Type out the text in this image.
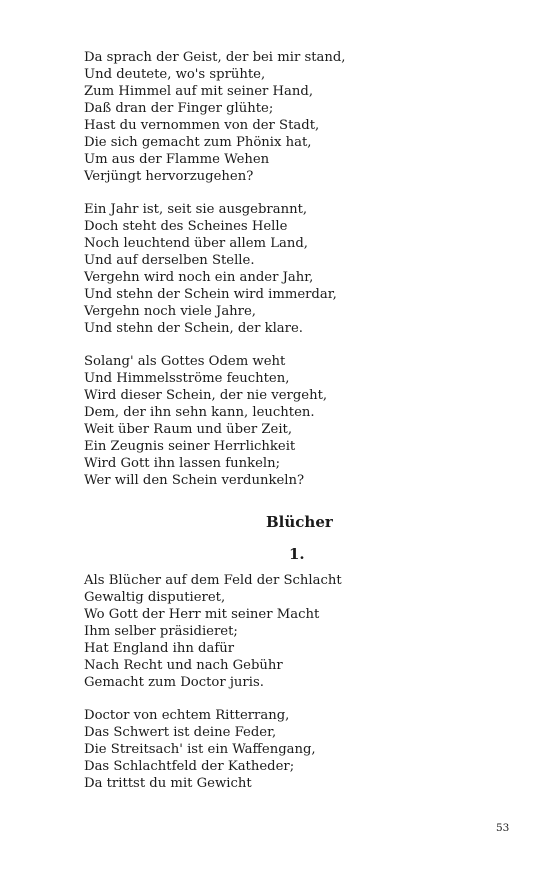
Da sprach der Geist, der bei mir stand,
Und deutete, wo's sprühte,
Zum Himmel auf mit seiner Hand,
Daß dran der Finger glühte;
Hast du vernommen von der Stadt,
Die sich gemacht zum Phönix hat,
Um aus der Flamme Wehen
Verjüngt hervorzugehen?
Ein Jahr ist, seit sie ausgebrannt,
Doch steht des Scheines Helle
Noch leuchtend über allem Land,
Und auf derselben Stelle.
Vergehn wird noch ein ander Jahr,
Und stehn der Schein wird immerdar,
Vergehn noch viele Jahre,
Und stehn der Schein, der klare.
Solang' als Gottes Odem weht
Und Himmelsströme feuchten,
Wird dieser Schein, der nie vergeht,
Dem, der ihn sehn kann, leuchten.
Weit über Raum und über Zeit,
Ein Zeugnis seiner Herrlichkeit
Wird Gott ihn lassen funkeln;
Wer will den Schein verdunkeln?
Blücher
1.
Als Blücher auf dem Feld der Schlacht
Gewaltig disputieret,
Wo Gott der Herr mit seiner Macht
Ihm selber präsidieret;
Hat England ihn dafür
Nach Recht und nach Gebühr
Gemacht zum Doctor juris.
Doctor von echtem Ritterrang,
Das Schwert ist deine Feder,
Die Streitsach' ist ein Waffengang,
Das Schlachtfeld der Katheder;
Da trittst du mit Gewicht
53
